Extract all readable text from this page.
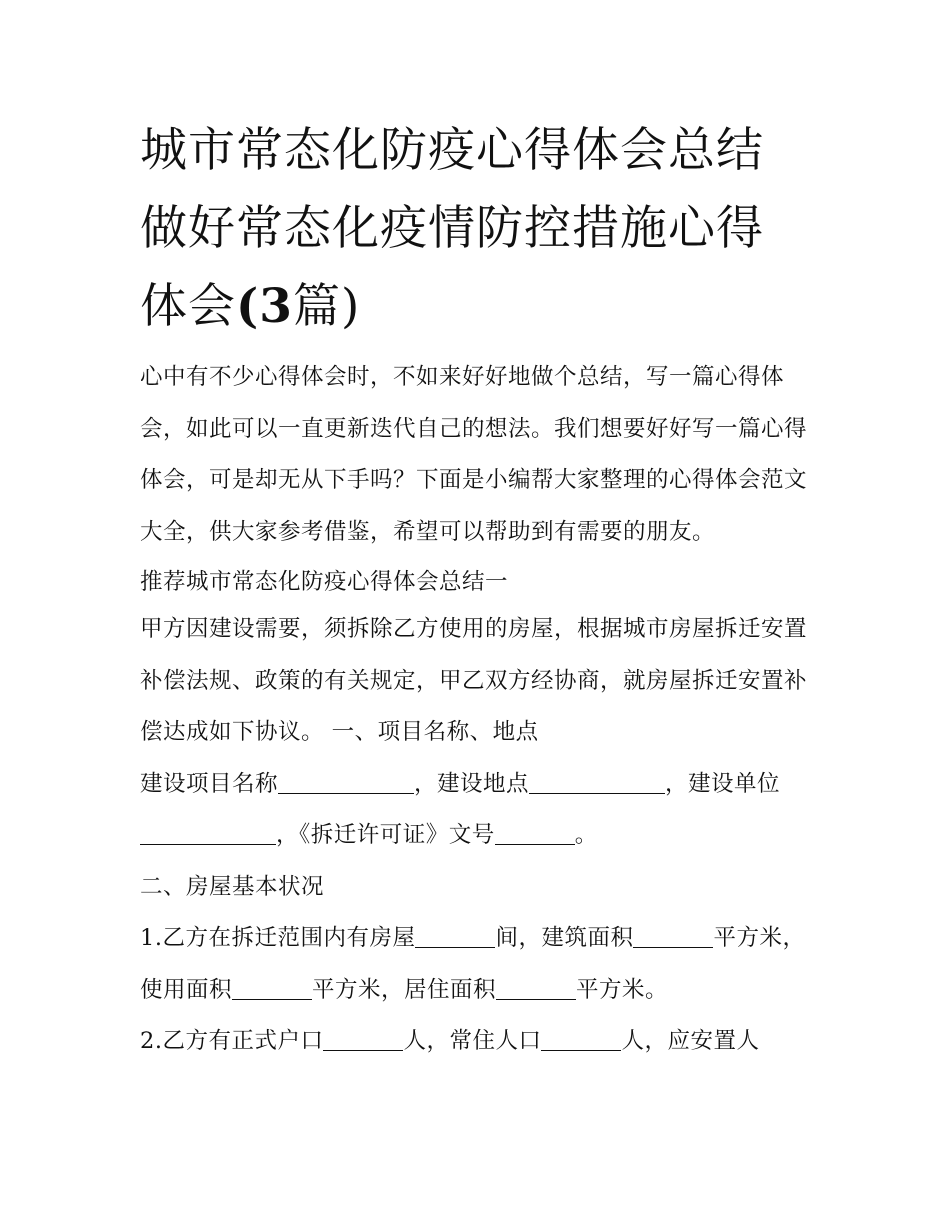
城市常态化防疫心得体会总结
做好常态化疫情防控措施心得
体会(3篇)

心中有不少心得体会时，不如来好好地做个总结，写一篇心得体会，如此可以一直更新迭代自己的想法。我们想要好好写一篇心得体会，可是却无从下手吗？下面是小编帮大家整理的心得体会范文大全，供大家参考借鉴，希望可以帮助到有需要的朋友。

推荐城市常态化防疫心得体会总结一

甲方因建设需要，须拆除乙方使用的房屋，根据城市房屋拆迁安置补偿法规、政策的有关规定，甲乙双方经协商，就房屋拆迁安置补偿达成如下协议。 一、项目名称、地点

建设项目名称	，建设地点	，建设单位，《拆迁许可证》文号	。

二、房屋基本状况

1.乙方在拆迁范围内有房屋	间，建筑面积	平方米，使用面积	平方米，居住面积	平方米。

2.乙方有正式户口	人，常住人口	人，应安置人
